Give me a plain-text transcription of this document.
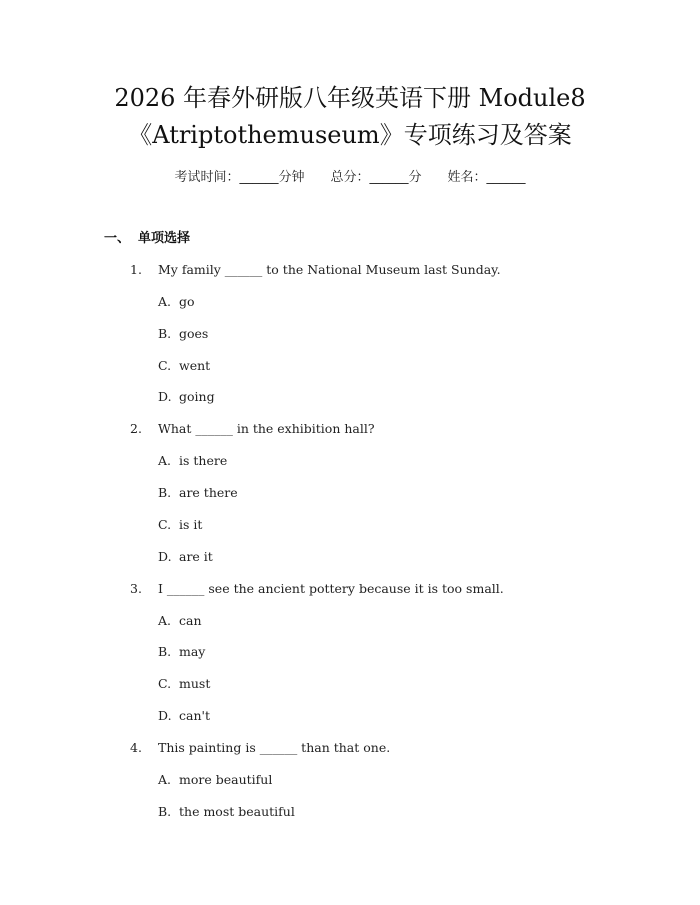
2026 年春外研版八年级英语下册 Module8
《Atriptothemuseum》专项练习及答案
考试时间：______分钟 总分：______分 姓名：______
一、 单项选择
1.	My family ______ to the National Museum last Sunday.
A. go
B. goes
C. went
D. going
2.	What ______ in the exhibition hall?
A. is there
B. are there
C. is it
D. are it
3.	I ______ see the ancient pottery because it is too small.
A. can
B. may
C. must
D. can't
4.	This painting is ______ than that one.
A. more beautiful
B. the most beautiful
